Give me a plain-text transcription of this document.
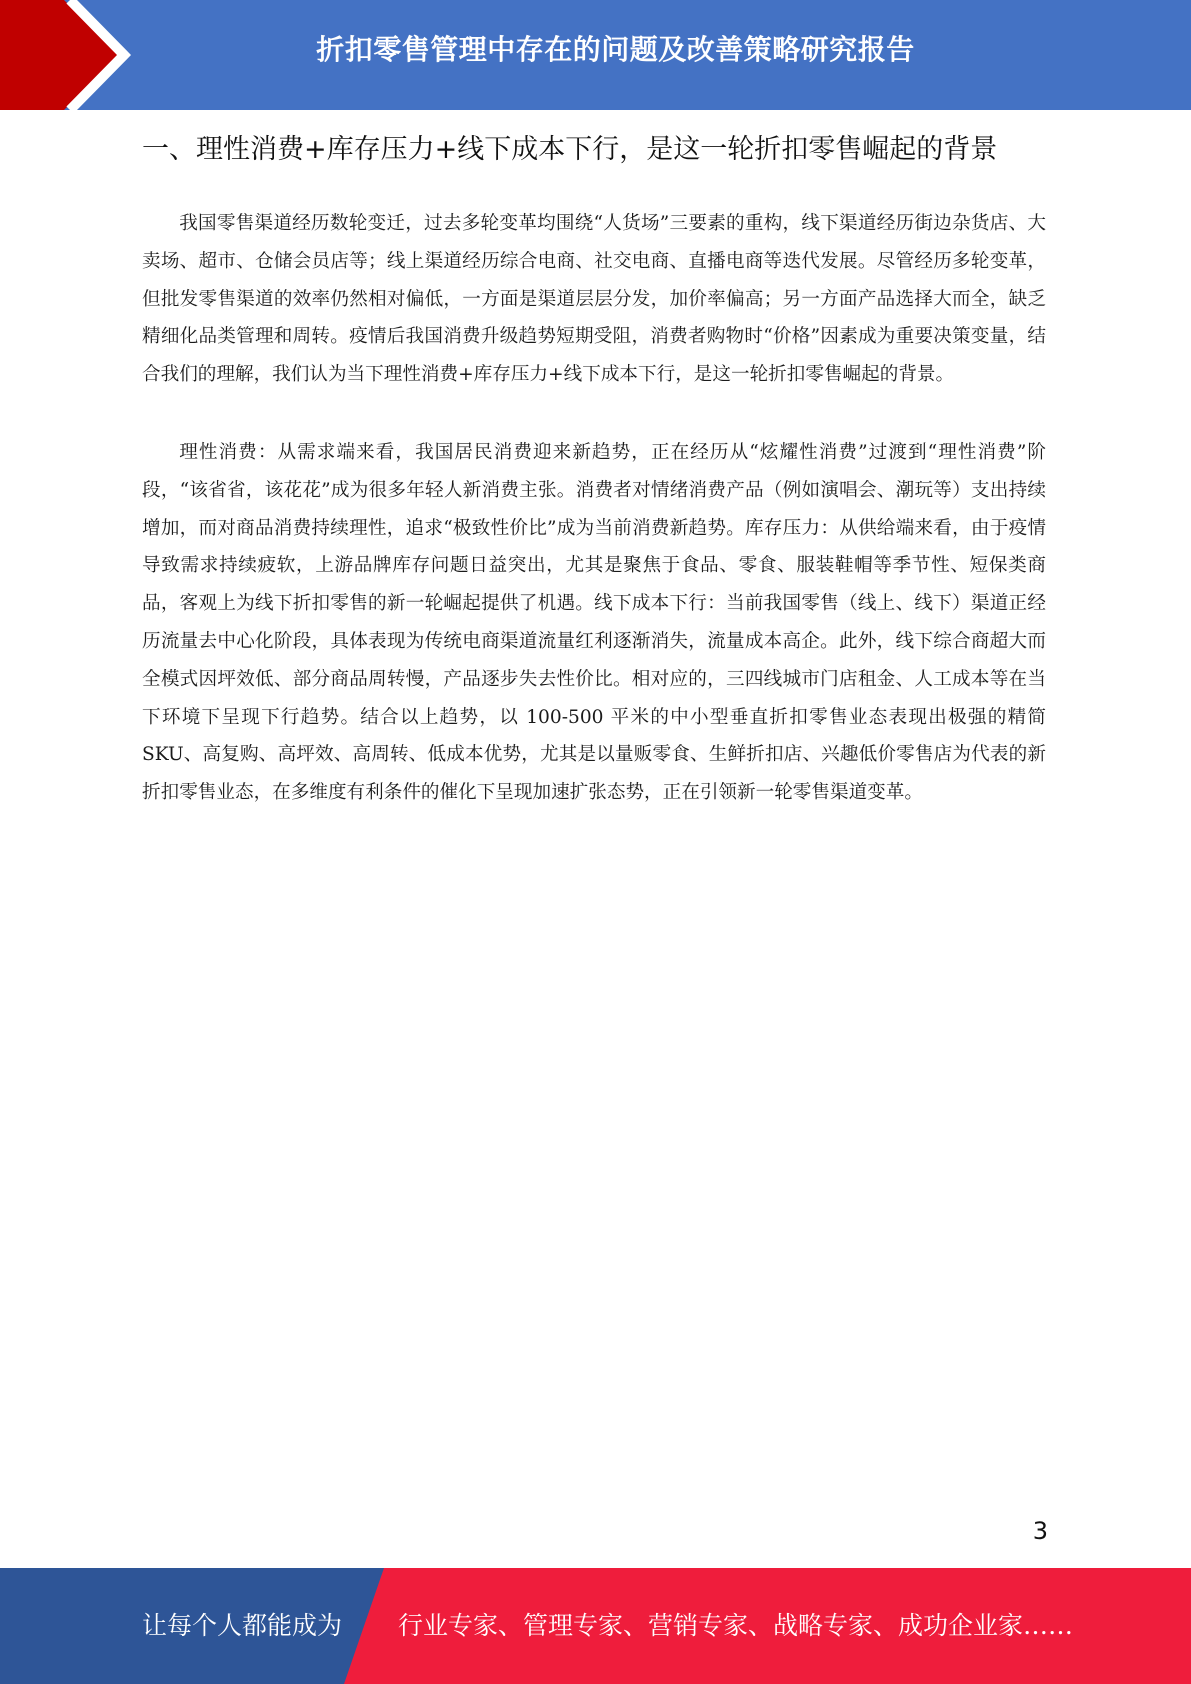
折扣零售管理中存在的问题及改善策略研究报告
一、理性消费+库存压力+线下成本下行，是这一轮折扣零售崛起的背景

我国零售渠道经历数轮变迁，过去多轮变革均围绕“人货场”三要素的重构，线下渠道经历街边杂货店、大卖场、超市、仓储会员店等；线上渠道经历综合电商、社交电商、直播电商等迭代发展。尽管经历多轮变革，但批发零售渠道的效率仍然相对偏低，一方面是渠道层层分发，加价率偏高；另一方面产品选择大而全，缺乏精细化品类管理和周转。疫情后我国消费升级趋势短期受阻，消费者购物时“价格”因素成为重要决策变量，结合我们的理解，我们认为当下理性消费+库存压力+线下成本下行，是这一轮折扣零售崛起的背景。

理性消费：从需求端来看，我国居民消费迎来新趋势，正在经历从“炫耀性消费”过渡到“理性消费”阶段，“该省省，该花花”成为很多年轻人新消费主张。消费者对情绪消费产品（例如演唱会、潮玩等）支出持续增加，而对商品消费持续理性，追求“极致性价比”成为当前消费新趋势。库存压力：从供给端来看，由于疫情导致需求持续疲软，上游品牌库存问题日益突出，尤其是聚焦于食品、零食、服装鞋帽等季节性、短保类商品，客观上为线下折扣零售的新一轮崛起提供了机遇。线下成本下行：当前我国零售（线上、线下）渠道正经历流量去中心化阶段，具体表现为传统电商渠道流量红利逐渐消失，流量成本高企。此外，线下综合商超大而全模式因坪效低、部分商品周转慢，产品逐步失去性价比。相对应的，三四线城市门店租金、人工成本等在当下环境下呈现下行趋势。结合以上趋势，以 100-500 平米的中小型垂直折扣零售业态表现出极强的精简 SKU、高复购、高坪效、高周转、低成本优势，尤其是以量贩零食、生鲜折扣店、兴趣低价零售店为代表的新折扣零售业态，在多维度有利条件的催化下呈现加速扩张态势，正在引领新一轮零售渠道变革。

3
让每个人都能成为 行业专家、管理专家、营销专家、战略专家、成功企业家……
